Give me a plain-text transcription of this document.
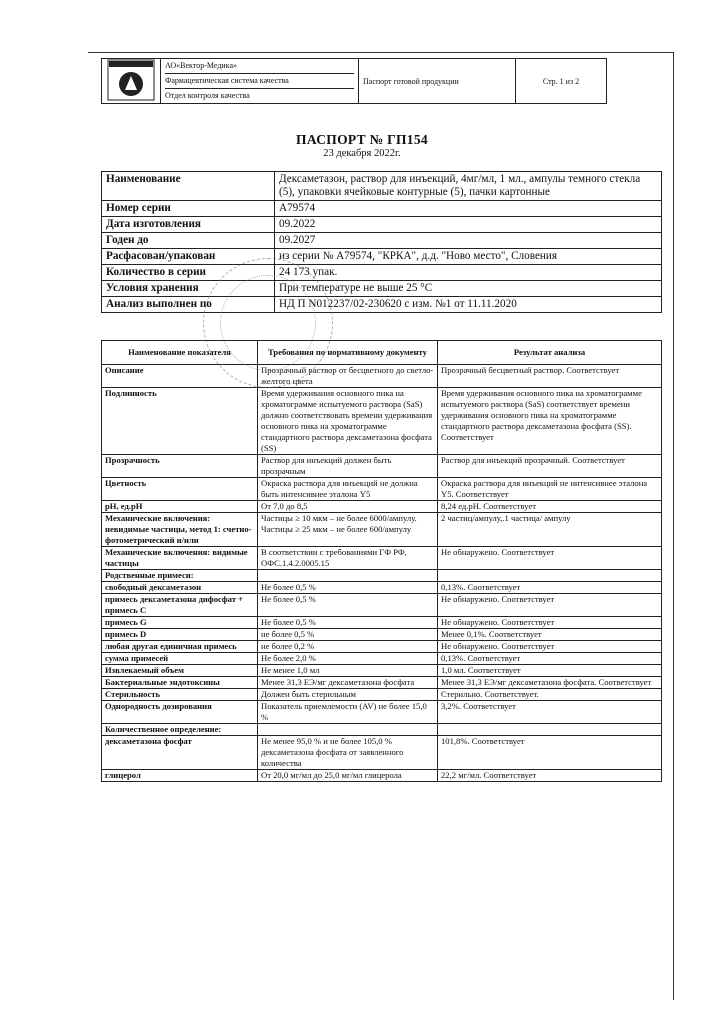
АО«Вектор-Медика»
Фармацевтическая система качества
Отдел контроля качества
	Паспорт готовой продукции	Стр. 1 из 2

ПАСПОРТ № ГП154
23 декабря 2022г.
Наименование	Дексаметазон, раствор для инъекций, 4мг/мл, 1 мл., ампулы темного стекла (5), упаковки ячейковые контурные (5), пачки картонные
Номер серии	A79574
Дата изготовления	09.2022
Годен до	09.2027
Расфасован/упакован	из серии № A79574, "КРКА", д.д. "Ново место", Словения
Количество в серии	24 173 упак.
Условия хранения	При температуре не выше 25 °С
Анализ выполнен по	НД П N012237/02-230620 с изм. №1 от 11.11.2020
Наименование показателя	Требования по нормативному документу	Результат анализа
Описание	Прозрачный раствор от бесцветного до светло-желтого цвета	Прозрачный бесцветный раствор. Соответствует
Подлинность	Время удерживания основного пика на хроматограмме испытуемого раствора (SaS) должно соответствовать времени удерживания основного пика на хроматограмме стандартного раствора дексаметазона фосфата (SS)	Время удерживания основного пика на хроматограмме испытуемого раствора (SaS) соответствует времени удерживания основного пика на хроматограмме стандартного раствора дексаметазона фосфата (SS). Соответствует
Прозрачность	Раствор для инъекций должен быть прозрачным	Раствор для инъекций прозрачный. Соответствует
Цветность	Окраска раствора для инъекций не должна быть интенсивнее эталона Y5	Окраска раствора для инъекций не интенсивнее эталона Y5. Соответствует
pH, ед.pH	От 7,0 до 8,5	8,24 ед.pH. Соответствует
Механические включения: невидимые частицы, метод 1: счетно-фотометрический и/или	Частицы ≥ 10 мкм – не более 6000/ампулу. Частицы ≥ 25 мкм – не более 600/ампулу	2 частиц/ампулу,.1 частица/ ампулу
Механические включения: видимые частицы	В соответствии с требованиями ГФ РФ, ОФС.1.4.2.0005.15	Не обнаружено. Соответствует
Родственные примеси:		
свободный дексаметазон	Не более 0,5 %	0,13%. Соответствует
примесь дексаметазона дифосфат + примесь С	Не более 0,5 %	Не обнаружено. Соответствует
примесь G	Не более 0,5 %	Не обнаружено. Соответствует
примесь D	не более 0,5 %	Менее 0,1%. Соответствует
любая другая единичная примесь	не более 0,2 %	Не обнаружено. Соответствует
сумма примесей	Не более 2,0 %	0,13%. Соответствует
Извлекаемый объем	Не менее 1,0 мл	1,0 мл. Соответствует
Бактериальные эндотоксины	Менее 31,3 ЕЭ/мг дексаметазона фосфата	Менее 31,3 ЕЭ/мг дексаметазона фосфата. Соответствует
Стерильность	Должен быть стерильным	Стерильно. Соответствует.
Однородность дозирования	Показатель приемлемости (AV) не более 15,0 %	3,2%. Соответствует
Количественное определение:		
дексаметазона фосфат	Не менее 95,0 % и не более 105,0 % дексаметазона фосфата от заявленного количества	101,8%. Соответствует
глицерол	От 20,0 мг/мл до 25,0 мг/мл глицерола	22,2 мг/мл. Соответствует
